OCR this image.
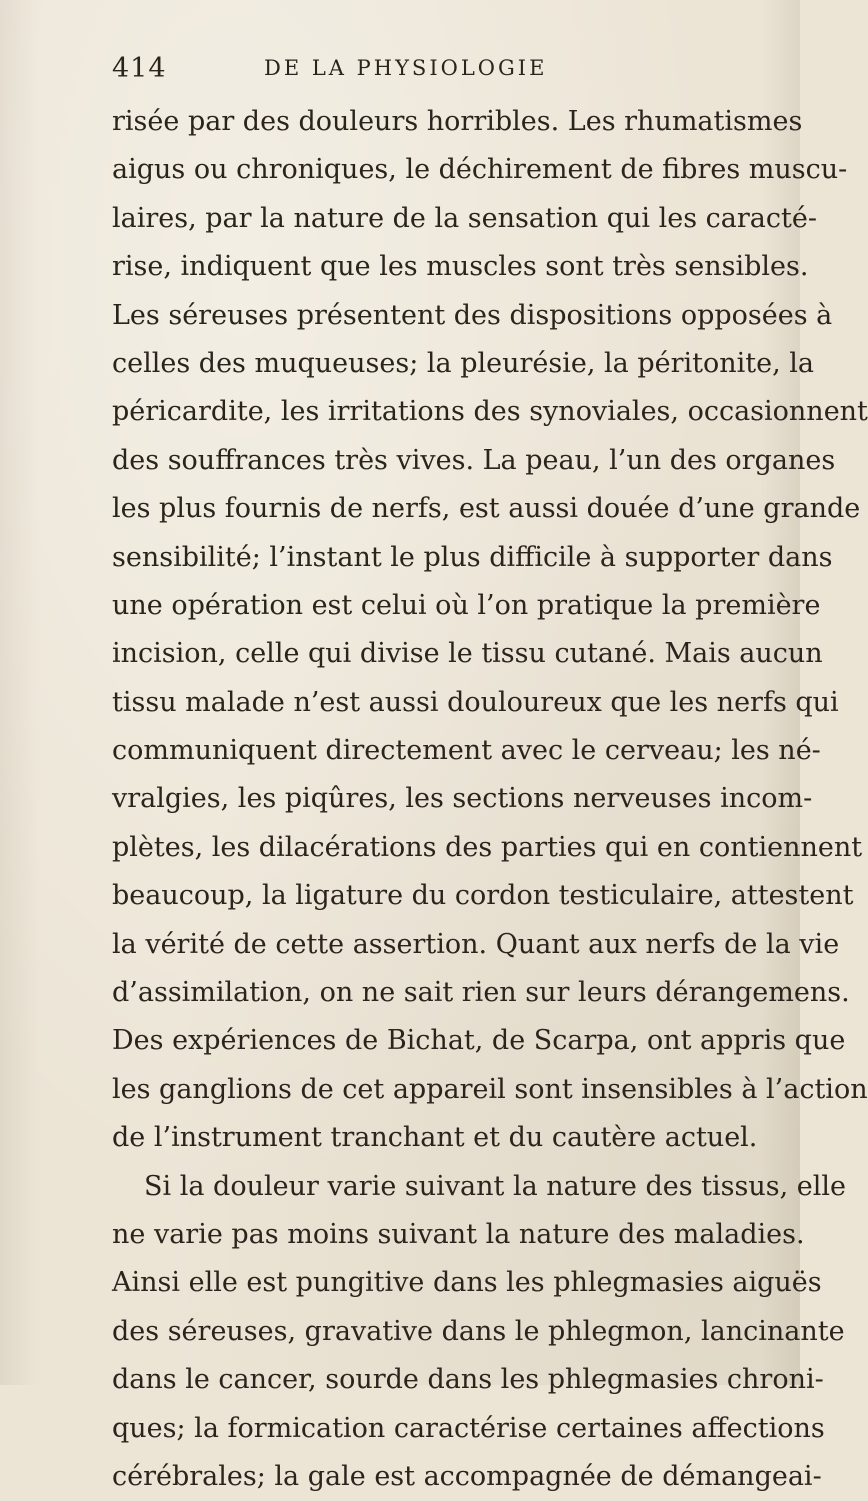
414	DE LA PHYSIOLOGIE
risée par des douleurs horribles. Les rhumatismes
aigus ou chroniques, le déchirement de fibres muscu-
laires, par la nature de la sensation qui les caracté-
rise, indiquent que les muscles sont très sensibles.
Les séreuses présentent des dispositions opposées à
celles des muqueuses; la pleurésie, la péritonite, la
péricardite, les irritations des synoviales, occasionnent
des souffrances très vives. La peau, l’un des organes
les plus fournis de nerfs, est aussi douée d’une grande
sensibilité; l’instant le plus difficile à supporter dans
une opération est celui où l’on pratique la première
incision, celle qui divise le tissu cutané. Mais aucun
tissu malade n’est aussi douloureux que les nerfs qui
communiquent directement avec le cerveau; les né-
vralgies, les piqûres, les sections nerveuses incom-
plètes, les dilacérations des parties qui en contiennent
beaucoup, la ligature du cordon testiculaire, attestent
la vérité de cette assertion. Quant aux nerfs de la vie
d’assimilation, on ne sait rien sur leurs dérangemens.
Des expériences de Bichat, de Scarpa, ont appris que
les ganglions de cet appareil sont insensibles à l’action
de l’instrument tranchant et du cautère actuel.
Si la douleur varie suivant la nature des tissus, elle
ne varie pas moins suivant la nature des maladies.
Ainsi elle est pungitive dans les phlegmasies aiguës
des séreuses, gravative dans le phlegmon, lancinante
dans le cancer, sourde dans les phlegmasies chroni-
ques; la formication caractérise certaines affections
cérébrales; la gale est accompagnée de démangeai-
